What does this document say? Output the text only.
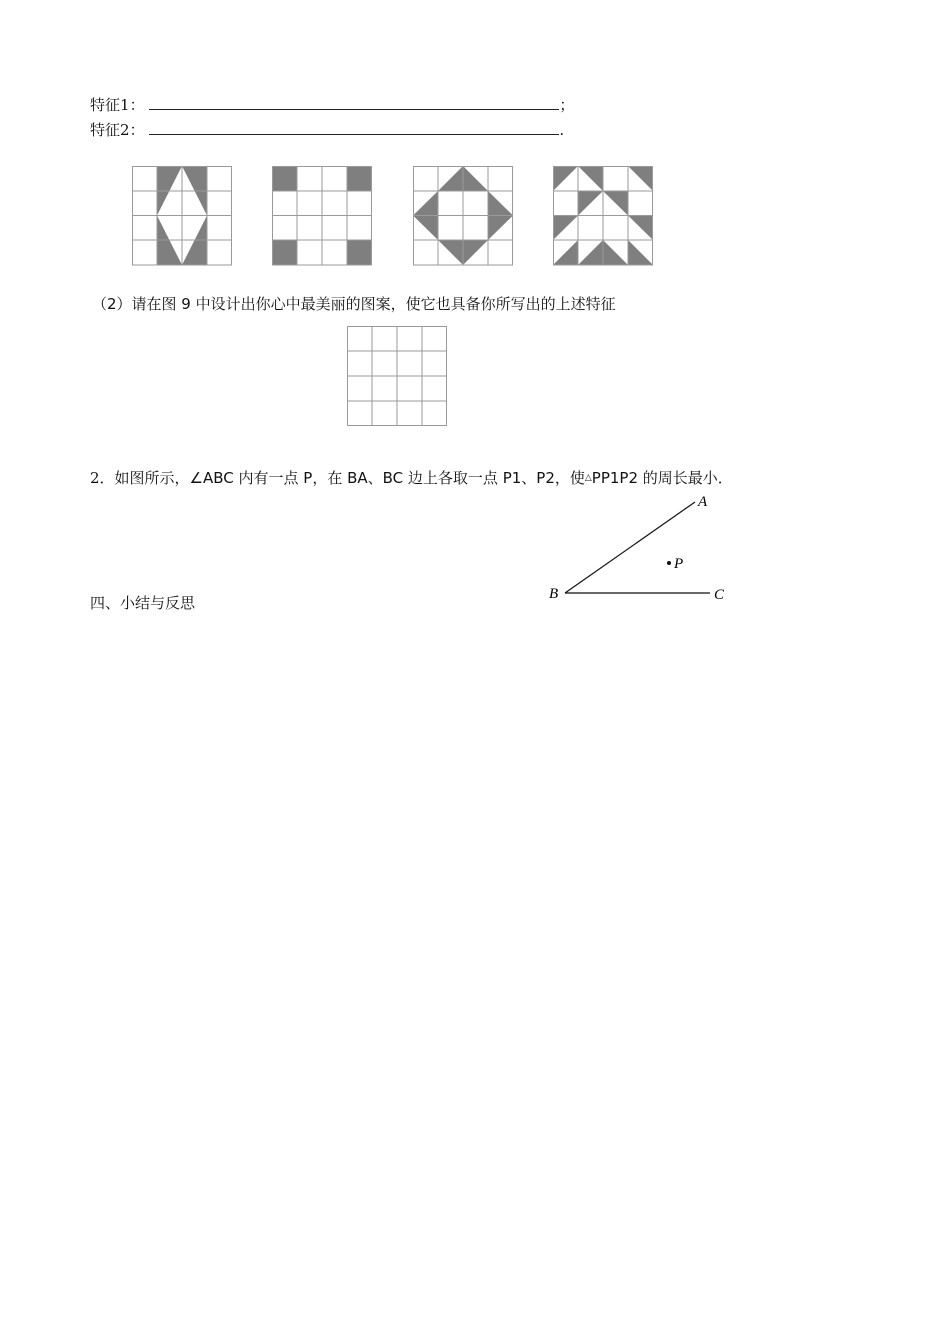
特征1：	；
特征2：	.
（2）请在图 9 中设计出你心中最美丽的图案，使它也具备你所写出的上述特征
2．如图所示，∠ABC 内有一点 P，在 BA、BC 边上各取一点 P1、P2，使△PP1P2 的周长最小．
A
B	C
P
四、小结与反思
